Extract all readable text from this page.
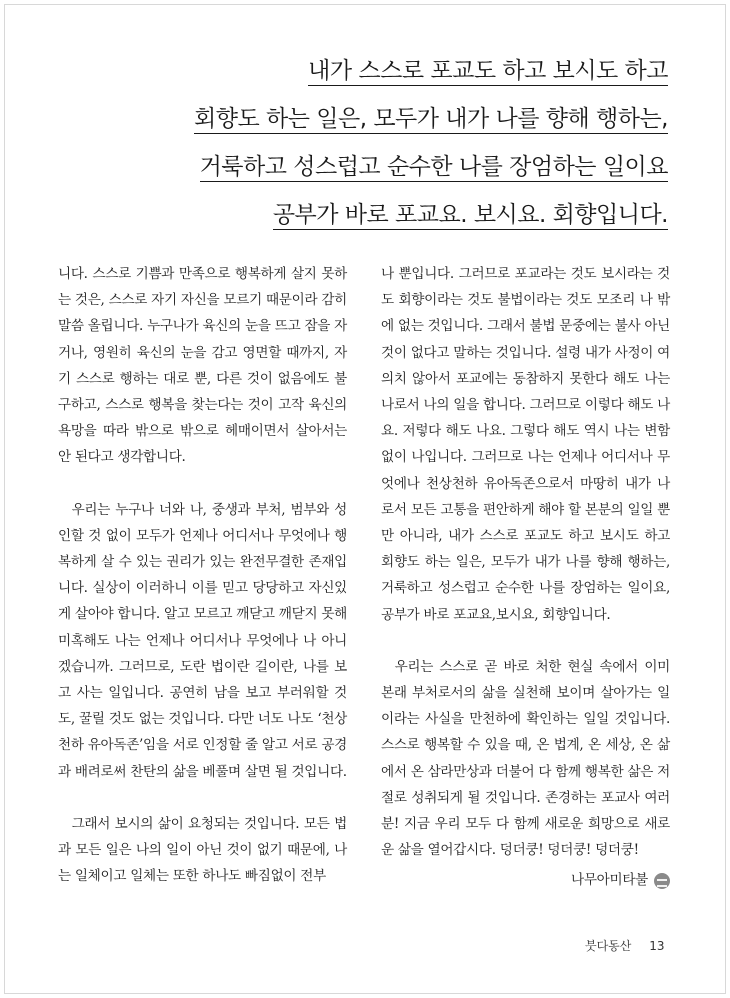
내가 스스로 포교도 하고 보시도 하고
회향도 하는 일은, 모두가 내가 나를 향해 행하는,
거룩하고 성스럽고 순수한 나를 장엄하는 일이요
공부가 바로 포교요. 보시요. 회향입니다.

니다. 스스로 기쁨과 만족으로 행복하게 살지 못하는 것은, 스스로 자기 자신을 모르기 때문이라 감히 말씀 올립니다. 누구나가 육신의 눈을 뜨고 잠을 자거나, 영원히 육신의 눈을 감고 영면할 때까지, 자기 스스로 행하는 대로 뿐, 다른 것이 없음에도 불구하고, 스스로 행복을 찾는다는 것이 고작 육신의 욕망을 따라 밖으로 밖으로 헤매이면서 살아서는 안 된다고 생각합니다.

우리는 누구나 너와 나, 중생과 부처, 범부와 성인할 것 없이 모두가 언제나 어디서나 무엇에나 행복하게 살 수 있는 권리가 있는 완전무결한 존재입니다. 실상이 이러하니 이를 믿고 당당하고 자신있게 살아야 합니다. 알고 모르고 깨닫고 깨닫지 못해 미혹해도 나는 언제나 어디서나 무엇에나 나 아니겠습니까. 그러므로, 도란 법이란 길이란, 나를 보고 사는 일입니다. 공연히 남을 보고 부러워할 것도, 꿀릴 것도 없는 것입니다. 다만 너도 나도 ‘천상천하 유아독존’임을 서로 인정할 줄 알고 서로 공경과 배려로써 찬탄의 삶을 베풀며 살면 될 것입니다.

그래서 보시의 삶이 요청되는 것입니다. 모든 법과 모든 일은 나의 일이 아닌 것이 없기 때문에, 나는 일체이고 일체는 또한 하나도 빠짐없이 전부

나 뿐입니다. 그러므로 포교라는 것도 보시라는 것도 회향이라는 것도 불법이라는 것도 모조리 나 밖에 없는 것입니다. 그래서 불법 문중에는 불사 아닌 것이 없다고 말하는 것입니다. 설령 내가 사정이 여의치 않아서 포교에는 동참하지 못한다 해도 나는 나로서 나의 일을 합니다. 그러므로 이렇다 해도 나요. 저렇다 해도 나요. 그렇다 해도 역시 나는 변함 없이 나입니다. 그러므로 나는 언제나 어디서나 무엇에나 천상천하 유아독존으로서 마땅히 내가 나로서 모든 고통을 편안하게 해야 할 본분의 일일 뿐만 아니라, 내가 스스로 포교도 하고 보시도 하고 회향도 하는 일은, 모두가 내가 나를 향해 행하는, 거룩하고 성스럽고 순수한 나를 장엄하는 일이요, 공부가 바로 포교요,보시요, 회향입니다.

우리는 스스로 곧 바로 처한 현실 속에서 이미 본래 부처로서의 삶을 실천해 보이며 살아가는 일이라는 사실을 만천하에 확인하는 일일 것입니다. 스스로 행복할 수 있을 때, 온 법계, 온 세상, 온 삶에서 온 삼라만상과 더불어 다 함께 행복한 삶은 저절로 성취되게 될 것입니다. 존경하는 포교사 여러분! 지금 우리 모두 다 함께 새로운 희망으로 새로운 삶을 열어갑시다. 덩더쿵! 덩더쿵! 덩더쿵!

나무아미타불
붓다동산 13
